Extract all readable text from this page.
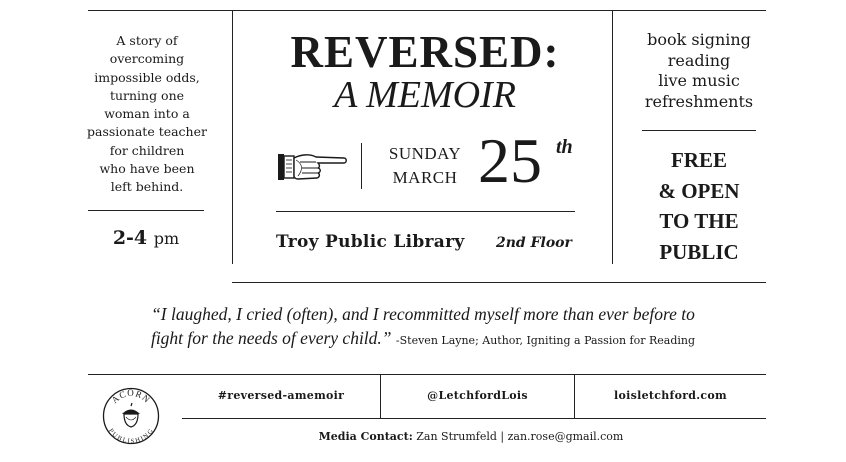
A story of
overcoming
impossible odds,
turning one
woman into a
passionate teacher
for children
who have been
left behind.
2-4 pm
REVERSED:
A MEMOIR
SUNDAY
MARCH 25 th
Troy Public Library 2nd Floor
book signing
reading
live music
refreshments
FREE
& OPEN
TO THE
PUBLIC
“I laughed, I cried (often), and I recommitted myself more than ever before to
fight for the needs of every child.” -Steven Layne; Author, Igniting a Passion for Reading
ACORN
PUBLISHING
#reversed-amemoir	@LetchfordLois	loisletchford.com
Media Contact: Zan Strumfeld | zan.rose@gmail.com
